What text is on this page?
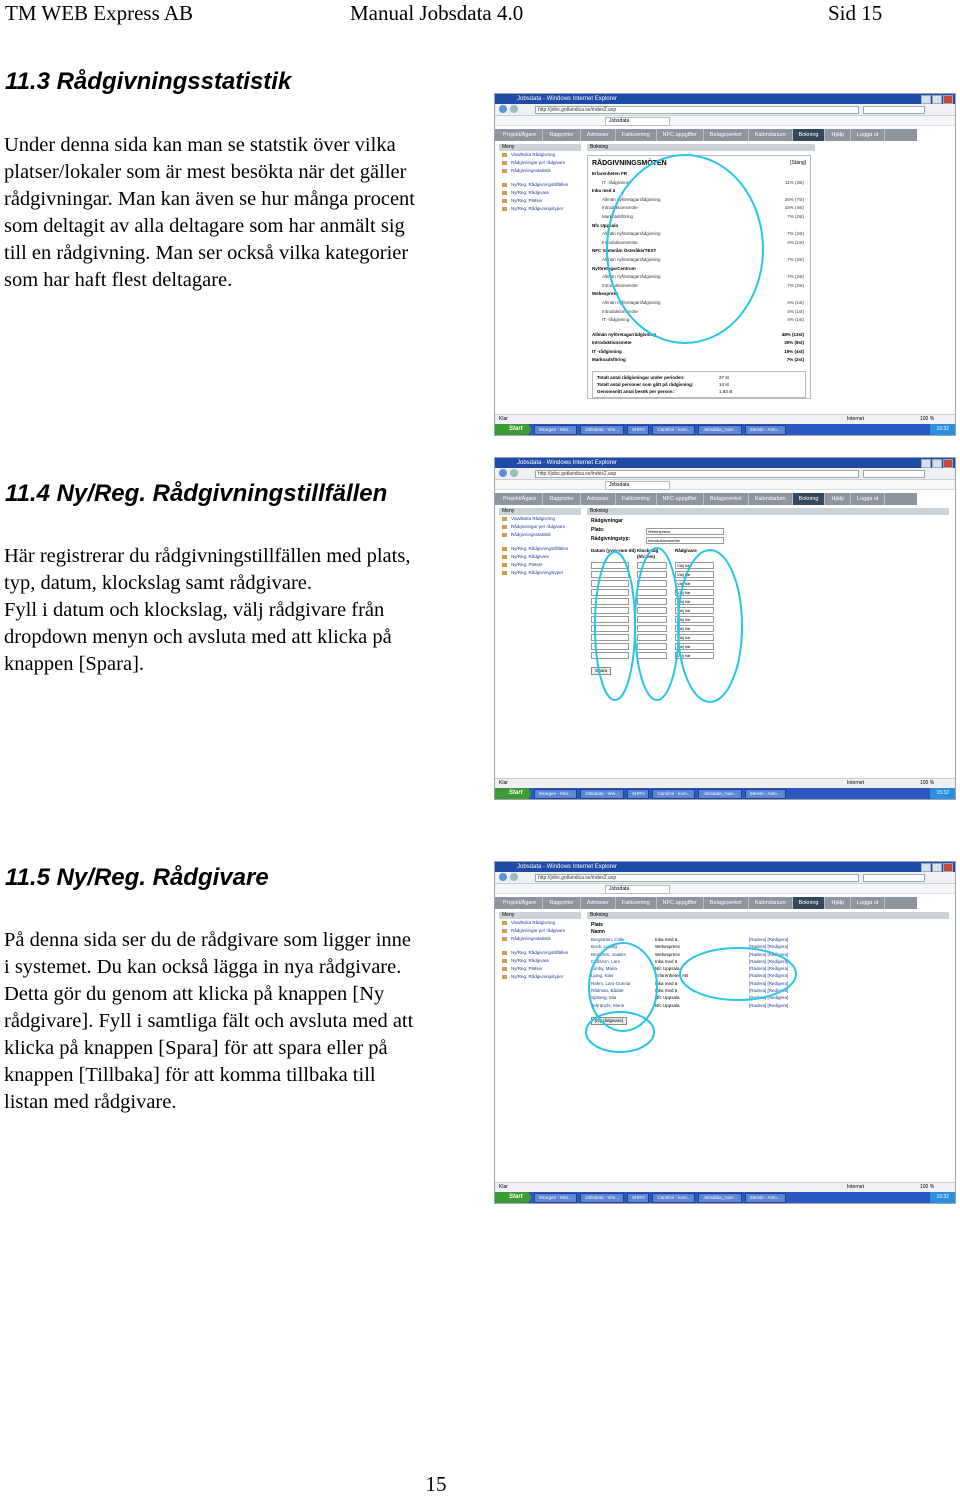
TM WEB Express AB	Manual Jobsdata 4.0	Sid 15
11.3 Rådgivningsstatistik
Under denna sida kan man se statstik över vilka
platser/lokaler som är mest besökta när det gäller
rådgivningar. Man kan även se hur många procent
som deltagit av alla deltagare som har anmält sig
till en rådgivning. Man ser också vilka kategorier
som har haft flest deltagare.
11.4 Ny/Reg. Rådgivningstillfällen
Här registrerar du rådgivningstillfällen med plats,
typ, datum, klockslag samt rådgivare.
Fyll i datum och klockslag, välj rådgivare från
dropdown menyn och avsluta med att klicka på
knappen [Spara].
11.5 Ny/Reg. Rådgivare
På denna sida ser du de rådgivare som ligger inne
i systemet. Du kan också lägga in nya rådgivare.
Detta gör du genom att klicka på knappen [Ny
rådgivare]. Fyll i samtliga fält och avsluta med att
klicka på knappen [Spara] för att spara eller på
knappen [Tillbaka] för att komma tillbaka till
listan med rådgivare.
15
Jobsdata - Windows Internet Explorer
http://jobs.gotlandica.se/index2.asp
Jobsdata
Projekt/Ägare	Rapporter	Adresser	Fakturering	NFC uppgifter	Bolagsverket	Kalendarium	Bokning	Hjälp	Logga ut
Meny
Visa/Boka Rådgivning
Rådgivningar per rådgivare
Rådgivningsstatistik
Ny/Reg. Rådgivningstillfällen
Ny/Reg. Rådgivare
Ny/Reg. Platser
Ny/Reg. Rådgivningstyper
Bokning
RÅDGIVNINGSMÖTEN	[Stäng]
Erfarenheten FR
IT -rådgivning	11% (3st)
Inka med ä
Allmän nyföretagarrådgivning	26% (7st)
Introduktionsmöte	15% (4st)
Marknadsföring	7% (2st)
Nfc Uppsala
Allmän nyföretagarrådgivning	7% (2st)
Introduktionsmöte	4% (1st)
NFC Vasteråm ÖsteråkerTEXT
Allmän nyföretagarrådgivning	7% (2st)
NyföretagarCentrum
Allmän nyföretagarrådgivning	7% (2st)
Introduktionsmöte	7% (2st)
Webexpress
Allmän nyföretagarrådgivning	4% (1st)
Introduktionsmöte	4% (1st)
IT -rådgivning	4% (1st)
Allmän nyföretagarrådgivning	48% (13st)
Introduktionsmöte	30% (8st)
IT -rådgivning	15% (4st)
Marknadsföring	7% (2st)
Totalt antal rådgivningar under perioden:	27 st
Totalt antal personer som gått på rådgivning:	14 st
Genomsnitt antal besök per person:	1,93 st
Klar	Internet	100 %
Start	Inkorgen - Micr...	Jobsdata - Win...	SHPH	Caroline - kom...	Jobsdata_man...	Stensb - Anto...	15:32
Jobsdata - Windows Internet Explorer
http://jobs.gotlandica.se/index2.asp
Jobsdata
Projekt/Ägare	Rapporter	Adresser	Fakturering	NFC uppgifter	Bolagsverket	Kalendarium	Bokning	Hjälp	Logga ut
Meny
Visa/Boka Rådgivning
Rådgivningar per rådgivare
Rådgivningsstatistik
Ny/Reg. Rådgivningstillfällen
Ny/Reg. Rådgivare
Ny/Reg. Platser
Ny/Reg. Rådgivningstyper
Bokning
Rådgivningar
Plats:	Webexpress
Rådgivningstyp:	Introduktionsmöte
Datum (yyyy-mm-dd) Klockslag (hh:mm)
Rådgivare
Välj här
Välj här
Välj här
Välj här
Välj här
Välj här
Välj här
Välj här
Välj här
Välj här
Välj här
Spara
Klar	Internet	100 %
Start	Inkorgen - Micr...	Jobsdata - Win...	SHPH	Caroline - kom...	Jobsdata_man...	Stensb - Anto...	15:32
Jobsdata - Windows Internet Explorer
http://jobs.gotlandica.se/index2.asp
Jobsdata
Projekt/Ägare	Rapporter	Adresser	Fakturering	NFC uppgifter	Bolagsverket	Kalendarium	Bokning	Hjälp	Logga ut
Meny
Visa/Boka Rådgivning
Rådgivningar per rådgivare
Rådgivningsstatistik
Ny/Reg. Rådgivningstillfällen
Ny/Reg. Rådgivare
Ny/Reg. Platser
Ny/Reg. Rådgivningstyper
Bokning
Plats
Namn
Bergström, Calle	Inka med ä	[Radera] [Redigera]
Bock, Ludvig	Webexpress	[Radera] [Redigera]
Broström, Joakim	Webexpress	[Radera] [Redigera]
Carlsson, Lars	Inka med ä	[Radera] [Redigera]
Kimby, Maria	Nfc Uppsala	[Radera] [Redigera]
Ljung, Klas	Erfarenheten AB	[Radera] [Redigera]
Rahm, Lars-Gunnar	Inka med ä	[Radera] [Redigera]
Rådman, Bådde	Inka med ä	[Radera] [Redigera]
Sjöberg, Mia	Nfc Uppsala	[Radera] [Redigera]
Tehranchi, Marie	Nfc Uppsala	[Radera] [Redigera]
[Ny rådgivare]
Klar	Internet	100 %
Start	Inkorgen - Micr...	Jobsdata - Win...	SHPH	Caroline - kom...	Jobsdata_man...	Stensb - Anto...	15:32
